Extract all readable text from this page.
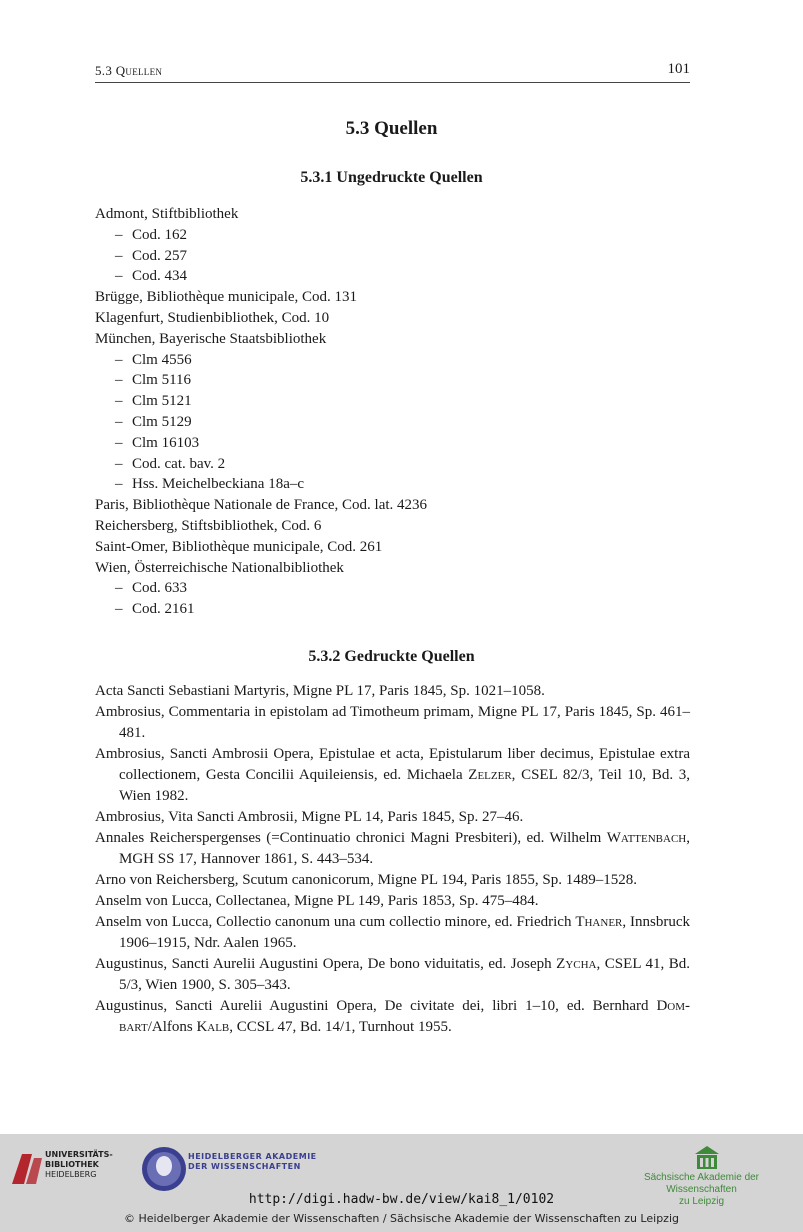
5.3 Quellen	101
5.3 Quellen
5.3.1 Ungedruckte Quellen
Admont, Stiftbibliothek
– Cod. 162
– Cod. 257
– Cod. 434
Brügge, Bibliothèque municipale, Cod. 131
Klagenfurt, Studienbibliothek, Cod. 10
München, Bayerische Staatsbibliothek
– Clm 4556
– Clm 5116
– Clm 5121
– Clm 5129
– Clm 16103
– Cod. cat. bav. 2
– Hss. Meichelbeckiana 18a–c
Paris, Bibliothèque Nationale de France, Cod. lat. 4236
Reichersberg, Stiftsbibliothek, Cod. 6
Saint-Omer, Bibliothèque municipale, Cod. 261
Wien, Österreichische Nationalbibliothek
– Cod. 633
– Cod. 2161
5.3.2 Gedruckte Quellen

Acta Sancti Sebastiani Martyris, Migne PL 17, Paris 1845, Sp. 1021–1058.

Ambrosius, Commentaria in epistolam ad Timotheum primam, Migne PL 17, Paris 1845, Sp. 461–481.

Ambrosius, Sancti Ambrosii Opera, Epistulae et acta, Epistularum liber decimus, Epistulae extra collectionem, Gesta Concilii Aquileiensis, ed. Michaela Zelzer, CSEL 82/3, Teil 10, Bd. 3, Wien 1982.

Ambrosius, Vita Sancti Ambrosii, Migne PL 14, Paris 1845, Sp. 27–46.

Annales Reicherspergenses (=Continuatio chronici Magni Presbiteri), ed. Wilhelm Wattenbach, MGH SS 17, Hannover 1861, S. 443–534.

Arno von Reichersberg, Scutum canonicorum, Migne PL 194, Paris 1855, Sp. 1489–1528.

Anselm von Lucca, Collectanea, Migne PL 149, Paris 1853, Sp. 475–484.

Anselm von Lucca, Collectio canonum una cum collectio minore, ed. Friedrich Thaner, Innsbruck 1906–1915, Ndr. Aalen 1965.

Augustinus, Sancti Aurelii Augustini Opera, De bono viduitatis, ed. Joseph Zycha, CSEL 41, Bd. 5/3, Wien 1900, S. 305–343.

Augustinus, Sancti Aurelii Augustini Opera, De civitate dei, libri 1–10, ed. Bernhard Dombart/Alfons Kalb, CCSL 47, Bd. 14/1, Turnhout 1955.

UNIVERSITÄTS-
BIBLIOTHEK
HEIDELBERG
HEIDELBERGER AKADEMIE
DER WISSENSCHAFTEN
Sächsische Akademie der Wissenschaften
zu Leipzig
http://digi.hadw-bw.de/view/kai8_1/0102
© Heidelberger Akademie der Wissenschaften / Sächsische Akademie der Wissenschaften zu Leipzig
